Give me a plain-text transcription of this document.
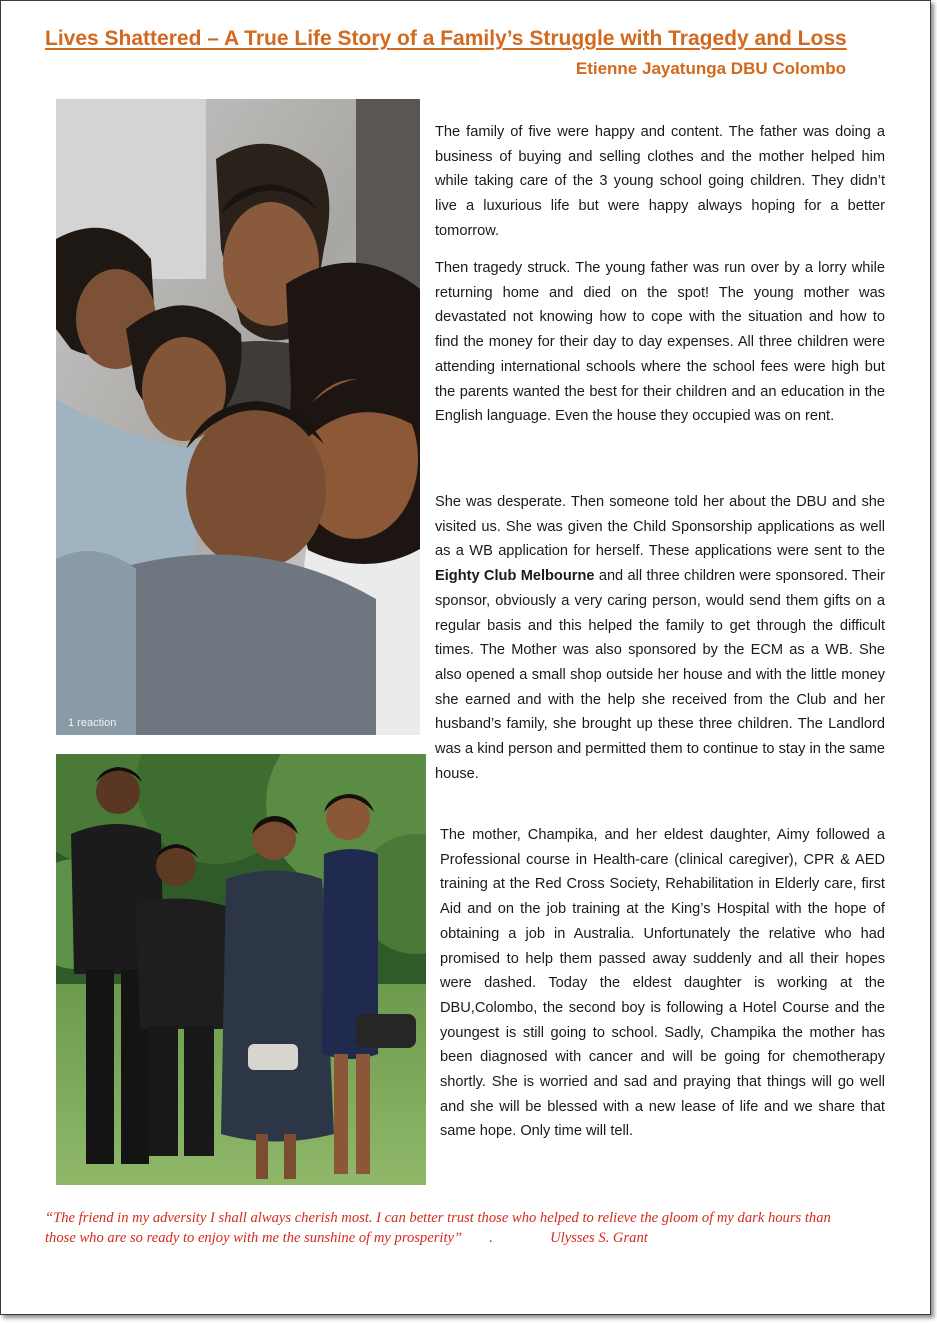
Lives Shattered – A True Life Story of a Family’s Struggle with Tragedy and Loss
Etienne Jayatunga DBU Colombo
1 reaction

The family of five were happy and content. The father was doing a business of buying and selling clothes and the mother helped him while taking care of the 3 young school going children. They didn’t live a luxurious life but were happy always hoping for a better tomorrow.

Then tragedy struck. The young father was run over by a lorry while returning home and died on the spot! The young mother was devastated not knowing how to cope with the situation and how to find the money for their day to day expenses. All three children were attending international schools where the school fees were high but the parents wanted the best for their children and an education in the English language. Even the house they occupied was on rent.

She was desperate. Then someone told her about the DBU and she visited us. She was given the Child Sponsorship applications as well as a WB application for herself. These applications were sent to the Eighty Club Melbourne and all three children were sponsored. Their sponsor, obviously a very caring person, would send them gifts on a regular basis and this helped the family to get through the difficult times. The Mother was also sponsored by the ECM as a WB. She also opened a small shop outside her house and with the little money she earned and with the help she received from the Club and her husband’s family, she brought up these three children. The Landlord was a kind person and permitted them to continue to stay in the same house.

The mother, Champika, and her eldest daughter, Aimy followed a Professional course in Health-care (clinical caregiver), CPR & AED training at the Red Cross Society, Rehabilitation in Elderly care, first Aid and on the job training at the King’s Hospital with the hope of obtaining a job in Australia. Unfortunately the relative who had promised to help them passed away suddenly and all their hopes were dashed. Today the eldest daughter is working at the DBU,Colombo, the second boy is following a Hotel Course and the youngest is still going to school. Sadly, Champika the mother has been diagnosed with cancer and will be going for chemotherapy shortly. She is worried and sad and praying that things will go well and she will be blessed with a new lease of life and we share that same hope. Only time will tell.

“The friend in my adversity I shall always cherish most. I can better trust those who helped to relieve the gloom of my dark hours than those who are so ready to enjoy with me the sunshine of my prosperity” .	Ulysses S. Grant
